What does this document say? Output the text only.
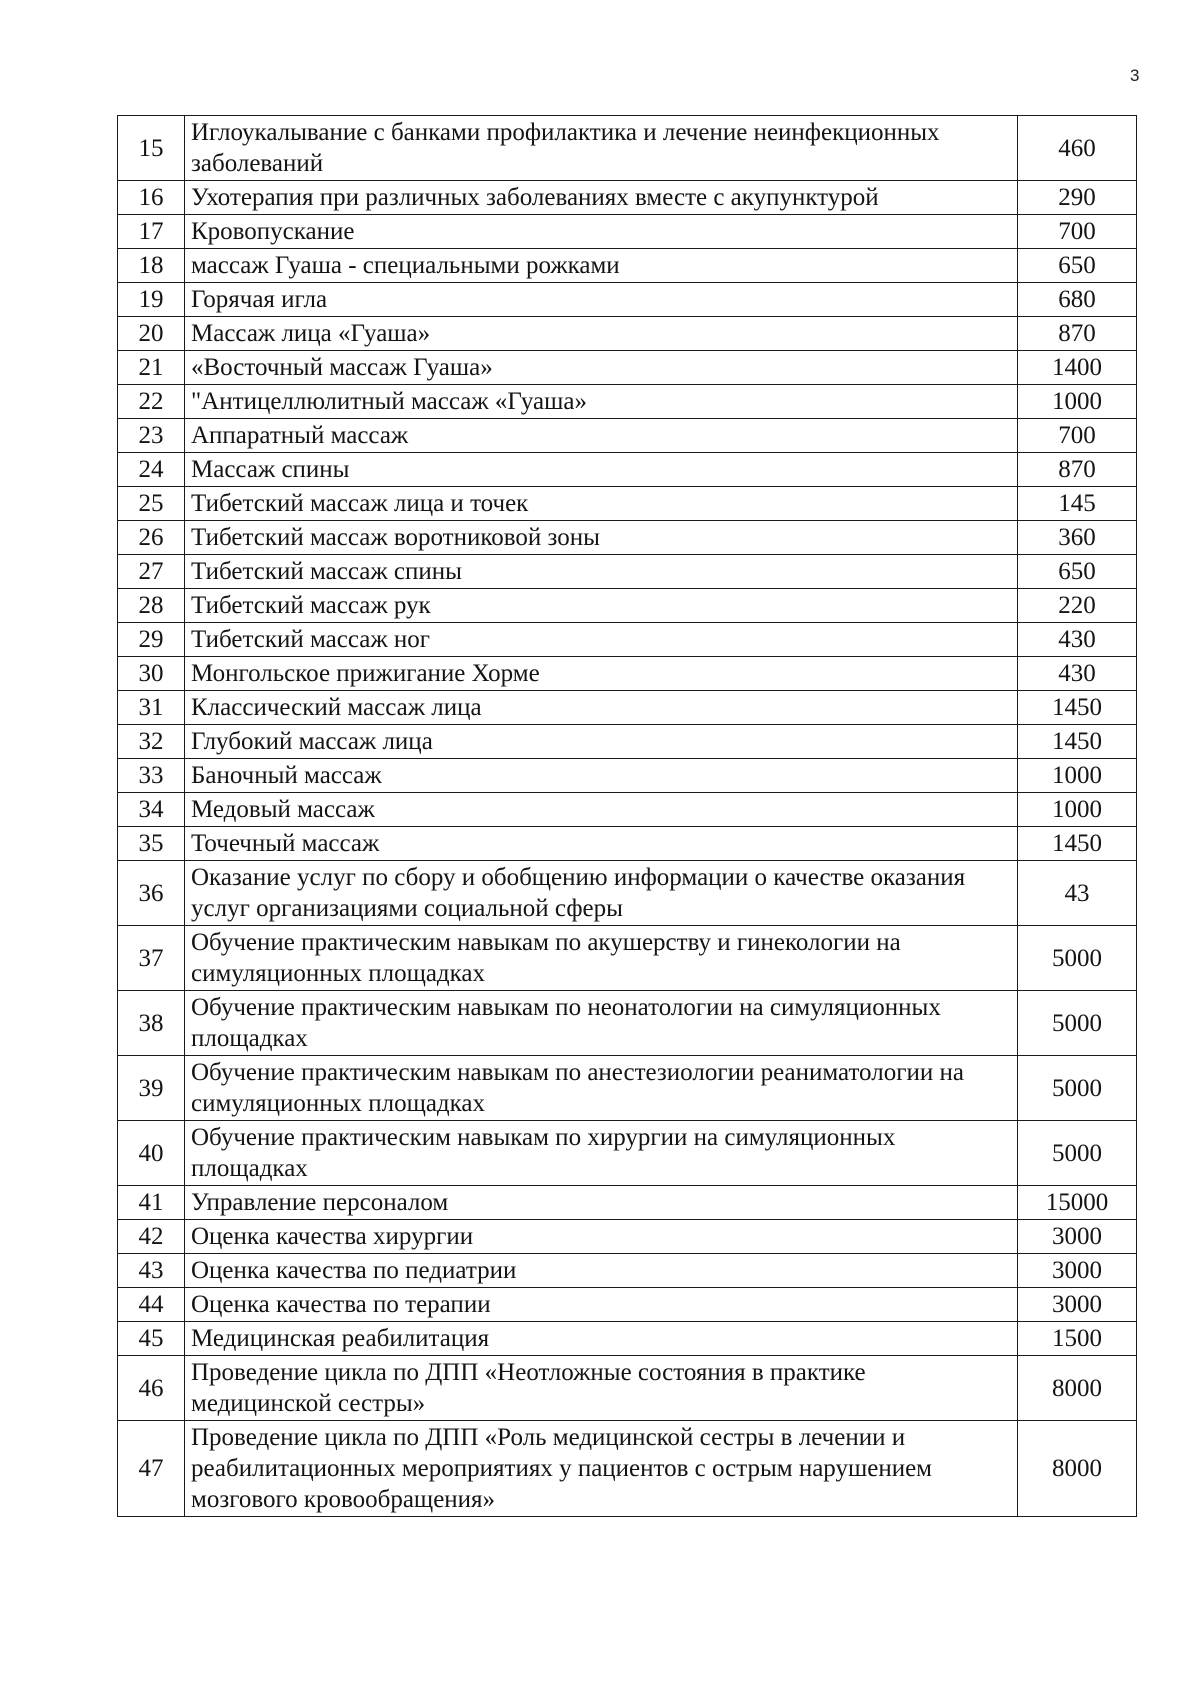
3
15	Иглоукалывание с банками профилактика и лечение неинфекционных заболеваний	460
16	Ухотерапия при различных заболеваниях вместе с акупунктурой	290
17	Кровопускание	700
18	массаж Гуаша - специальными рожками	650
19	Горячая игла	680
20	Массаж лица «Гуаша»	870
21	«Восточный массаж Гуаша»	1400
22	"Антицеллюлитный массаж «Гуаша»	1000
23	Аппаратный массаж	700
24	Массаж спины	870
25	Тибетский массаж лица и точек	145
26	Тибетский массаж воротниковой зоны	360
27	Тибетский массаж спины	650
28	Тибетский массаж рук	220
29	Тибетский массаж ног	430
30	Монгольское прижигание Хорме	430
31	Классический массаж лица	1450
32	Глубокий массаж лица	1450
33	Баночный массаж	1000
34	Медовый массаж	1000
35	Точечный массаж	1450
36	Оказание услуг по сбору и обобщению информации о качестве оказания услуг организациями социальной сферы	43
37	Обучение практическим навыкам по акушерству и гинекологии на симуляционных площадках	5000
38	Обучение практическим навыкам по неонатологии на симуляционных площадках	5000
39	Обучение практическим навыкам по анестезиологии реаниматологии на симуляционных площадках	5000
40	Обучение практическим навыкам по хирургии на симуляционных площадках	5000
41	Управление персоналом	15000
42	Оценка качества хирургии	3000
43	Оценка качества по педиатрии	3000
44	Оценка качества по терапии	3000
45	Медицинская реабилитация	1500
46	Проведение цикла по ДПП «Неотложные состояния в практике медицинской сестры»	8000
47	Проведение цикла по ДПП «Роль медицинской сестры в лечении и реабилитационных мероприятиях у пациентов с острым нарушением мозгового кровообращения»	8000
